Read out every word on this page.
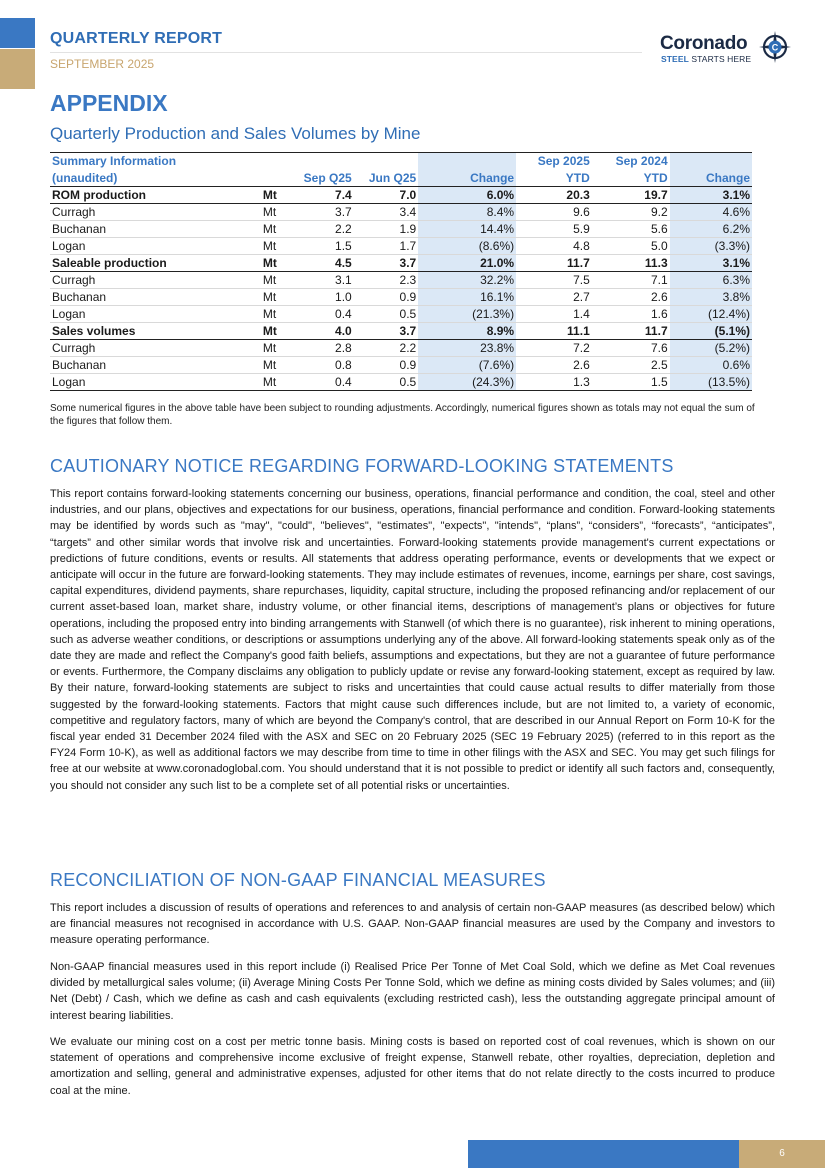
QUARTERLY REPORT
SEPTEMBER 2025
Coronado
STEEL STARTS HERE
C
APPENDIX
Quarterly Production and Sales Volumes by Mine
Summary Information					Sep 2025	Sep 2024	
(unaudited)		Sep Q25	Jun Q25	Change	YTD	YTD	Change
ROM production	Mt	7.4	7.0	6.0%	20.3	19.7	3.1%
Curragh	Mt	3.7	3.4	8.4%	9.6	9.2	4.6%
Buchanan	Mt	2.2	1.9	14.4%	5.9	5.6	6.2%
Logan	Mt	1.5	1.7	(8.6%)	4.8	5.0	(3.3%)
Saleable production	Mt	4.5	3.7	21.0%	11.7	11.3	3.1%
Curragh	Mt	3.1	2.3	32.2%	7.5	7.1	6.3%
Buchanan	Mt	1.0	0.9	16.1%	2.7	2.6	3.8%
Logan	Mt	0.4	0.5	(21.3%)	1.4	1.6	(12.4%)
Sales volumes	Mt	4.0	3.7	8.9%	11.1	11.7	(5.1%)
Curragh	Mt	2.8	2.2	23.8%	7.2	7.6	(5.2%)
Buchanan	Mt	0.8	0.9	(7.6%)	2.6	2.5	0.6%
Logan	Mt	0.4	0.5	(24.3%)	1.3	1.5	(13.5%)
Some numerical figures in the above table have been subject to rounding adjustments. Accordingly, numerical figures shown as totals may not equal the sum of the figures that follow them.
CAUTIONARY NOTICE REGARDING FORWARD-LOOKING STATEMENTS
This report contains forward-looking statements concerning our business, operations, financial performance and condition, the coal, steel and other industries, and our plans, objectives and expectations for our business, operations, financial performance and condition. Forward-looking statements may be identified by words such as "may", "could", "believes", "estimates", "expects", "intends", “plans”, “considers”, “forecasts”, “anticipates”, “targets” and other similar words that involve risk and uncertainties. Forward-looking statements provide management's current expectations or predictions of future conditions, events or results. All statements that address operating performance, events or developments that we expect or anticipate will occur in the future are forward-looking statements. They may include estimates of revenues, income, earnings per share, cost savings, capital expenditures, dividend payments, share repurchases, liquidity, capital structure, including the proposed refinancing and/or replacement of our current asset-based loan, market share, industry volume, or other financial items, descriptions of management’s plans or objectives for future operations, including the proposed entry into binding arrangements with Stanwell (of which there is no guarantee), risk inherent to mining operations, such as adverse weather conditions, or descriptions or assumptions underlying any of the above. All forward-looking statements speak only as of the date they are made and reflect the Company's good faith beliefs, assumptions and expectations, but they are not a guarantee of future performance or events. Furthermore, the Company disclaims any obligation to publicly update or revise any forward-looking statement, except as required by law. By their nature, forward-looking statements are subject to risks and uncertainties that could cause actual results to differ materially from those suggested by the forward-looking statements. Factors that might cause such differences include, but are not limited to, a variety of economic, competitive and regulatory factors, many of which are beyond the Company's control, that are described in our Annual Report on Form 10-K for the fiscal year ended 31 December 2024 filed with the ASX and SEC on 20 February 2025 (SEC 19 February 2025) (referred to in this report as the FY24 Form 10-K), as well as additional factors we may describe from time to time in other filings with the ASX and SEC. You may get such filings for free at our website at www.coronadoglobal.com. You should understand that it is not possible to predict or identify all such factors and, consequently, you should not consider any such list to be a complete set of all potential risks or uncertainties.
RECONCILIATION OF NON-GAAP FINANCIAL MEASURES
This report includes a discussion of results of operations and references to and analysis of certain non-GAAP measures (as described below) which are financial measures not recognised in accordance with U.S. GAAP. Non-GAAP financial measures are used by the Company and investors to measure operating performance.
Non-GAAP financial measures used in this report include (i) Realised Price Per Tonne of Met Coal Sold, which we define as Met Coal revenues divided by metallurgical sales volume; (ii) Average Mining Costs Per Tonne Sold, which we define as mining costs divided by Sales volumes; and (iii) Net (Debt) / Cash, which we define as cash and cash equivalents (excluding restricted cash), less the outstanding aggregate principal amount of interest bearing liabilities.
We evaluate our mining cost on a cost per metric tonne basis. Mining costs is based on reported cost of coal revenues, which is shown on our statement of operations and comprehensive income exclusive of freight expense, Stanwell rebate, other royalties, depreciation, depletion and amortization and selling, general and administrative expenses, adjusted for other items that do not relate directly to the costs incurred to produce coal at the mine.
6
